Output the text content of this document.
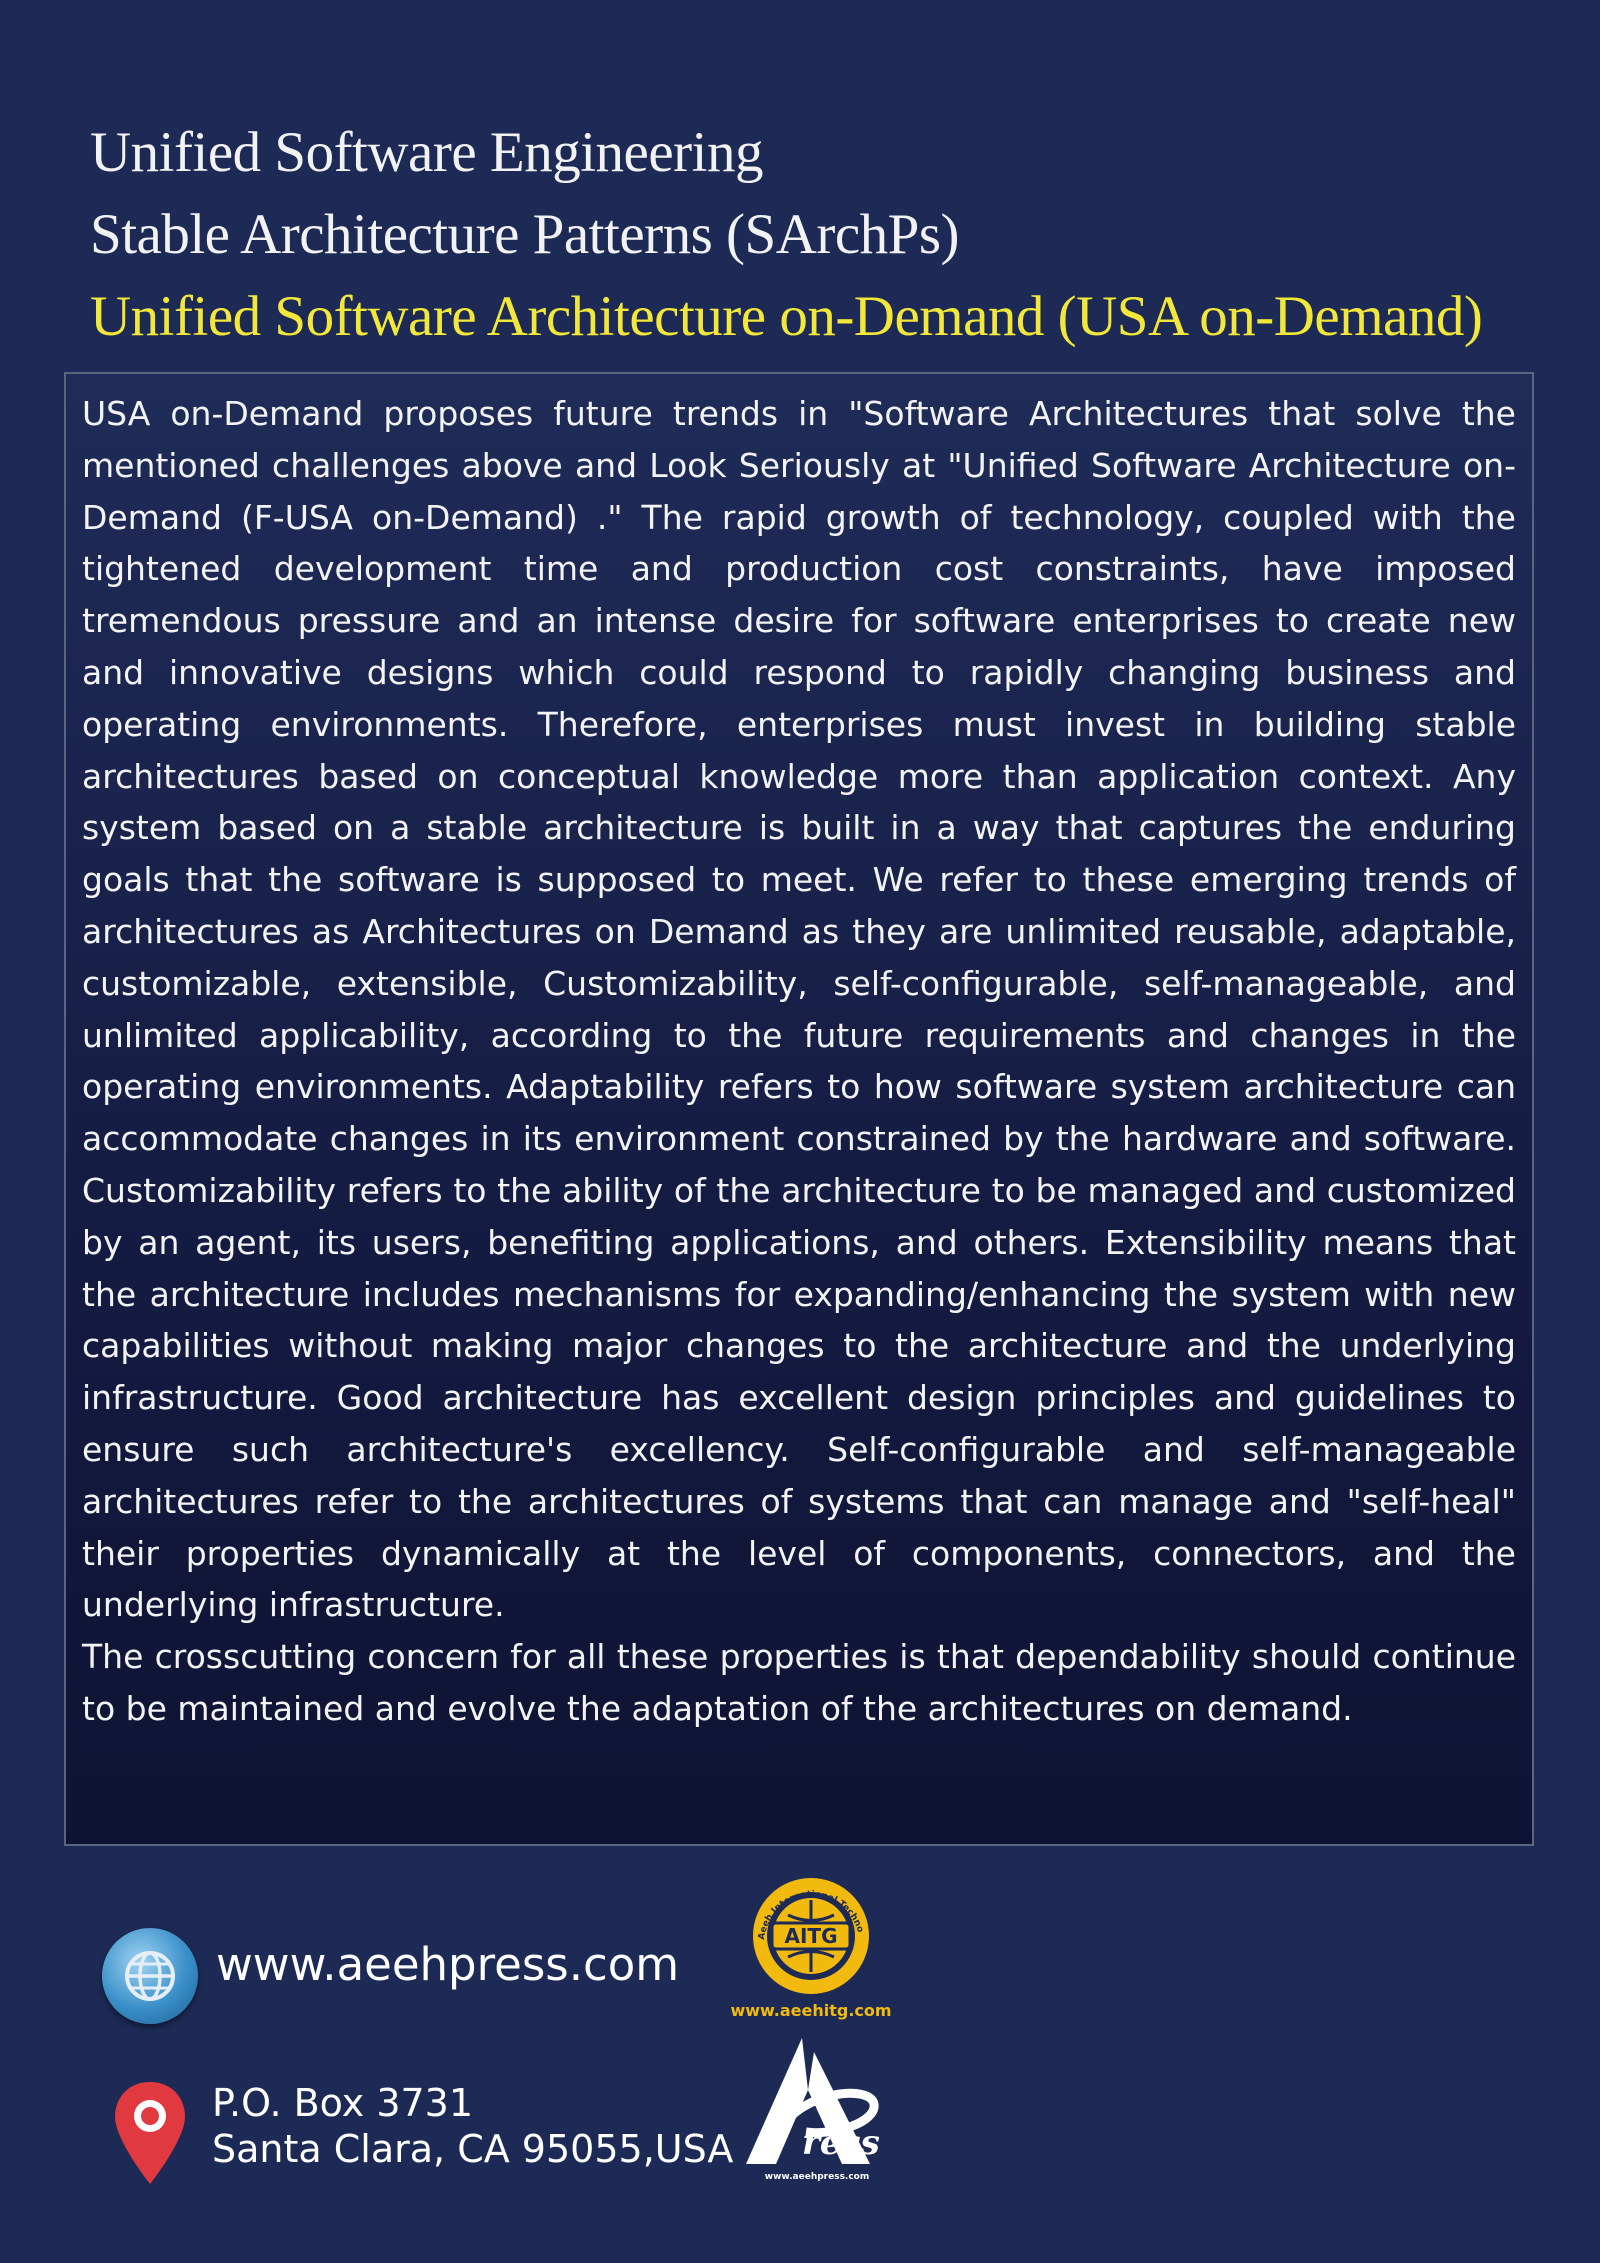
Unified Software Engineering
Stable Architecture Patterns (SArchPs)
Unified Software Architecture on-Demand (USA on-Demand)

USA on-Demand proposes future trends in "Software Architectures that solve the mentioned challenges above and Look Seriously at "Unified Software Architecture on-Demand (F-USA on-Demand) ." The rapid growth of technology, coupled with the tightened development time and production cost constraints, have imposed tremendous pressure and an intense desire for software enterprises to create new and innovative designs which could respond to rapidly changing business and operating environments. Therefore, enterprises must invest in building stable architectures based on conceptual knowledge more than application context. Any system based on a stable architecture is built in a way that captures the enduring goals that the software is supposed to meet. We refer to these emerging trends of architectures as Architectures on Demand as they are unlimited reusable, adaptable, customizable, extensible, Customizability, self-configurable, self-manageable, and unlimited applicability, according to the future requirements and changes in the operating environments. Adaptability refers to how software system architecture can accommodate changes in its environment constrained by the hardware and software. Customizability refers to the ability of the architecture to be managed and customized by an agent, its users, benefiting applications, and others. Extensibility means that the architecture includes mechanisms for expanding/enhancing the system with new capabilities without making major changes to the architecture and the underlying infrastructure. Good architecture has excellent design principles and guidelines to ensure such architecture's excellency. Self-configurable and self-manageable architectures refer to the architectures of systems that can manage and "self-heal" their properties dynamically at the level of components, connectors, and the underlying infrastructure.

The crosscutting concern for all these properties is that dependability should continue to be maintained and evolve the adaptation of the architectures on demand.

www.aeehpress.com
P.O. Box 3731
Santa Clara, CA 95055,USA
AITG
Aeeh International Techno
www.aeehitg.com
ress
www.aeehpress.com
